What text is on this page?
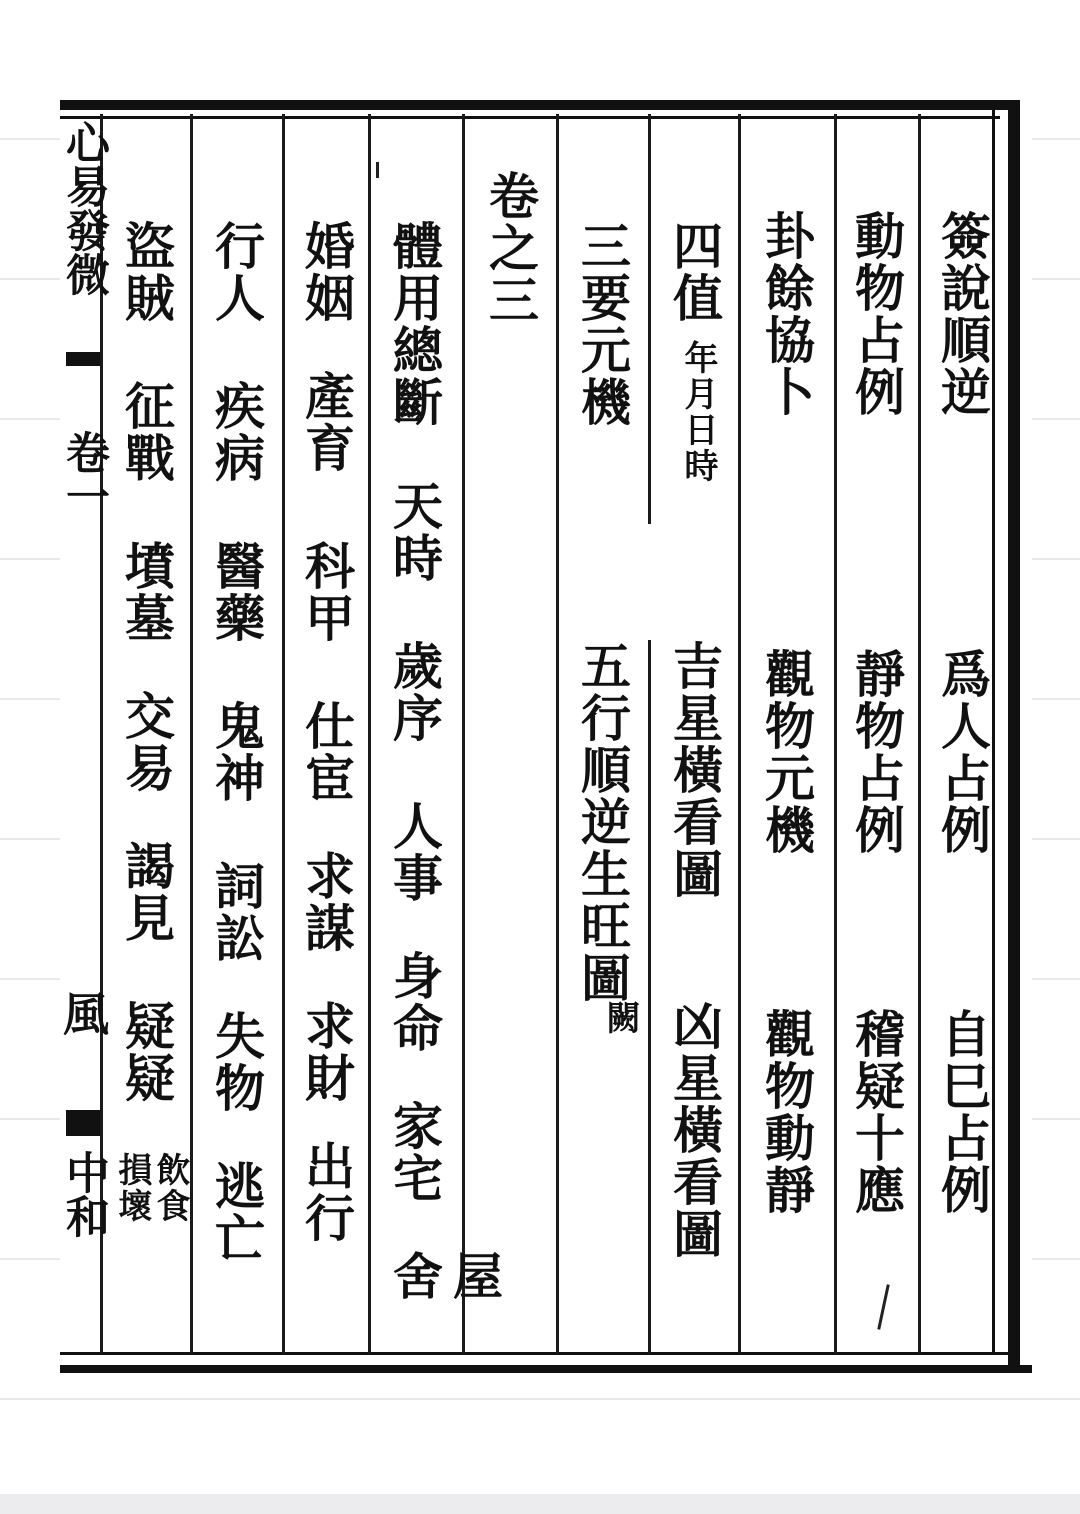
心易發微
卷一
風
中和
簽說順逆
爲人占例
自巳占例
動物占例
靜物占例
稽疑十應
卦餘協卜
觀物元機
觀物動靜
四值
年月日時
吉星橫看圖
凶星橫看圖
三要元機
五行順逆生旺圖
闕
卷之三
體用總斷
天時
歲序
人事
身命
家宅
屋舍
婚姻
產育
科甲
仕宦
求謀
求財
出行
行人
疾病
醫藥
鬼神
詞訟
失物
逃亡
盜賊
征戰
墳墓
交易
謁見
疑疑
損壞
飲食
